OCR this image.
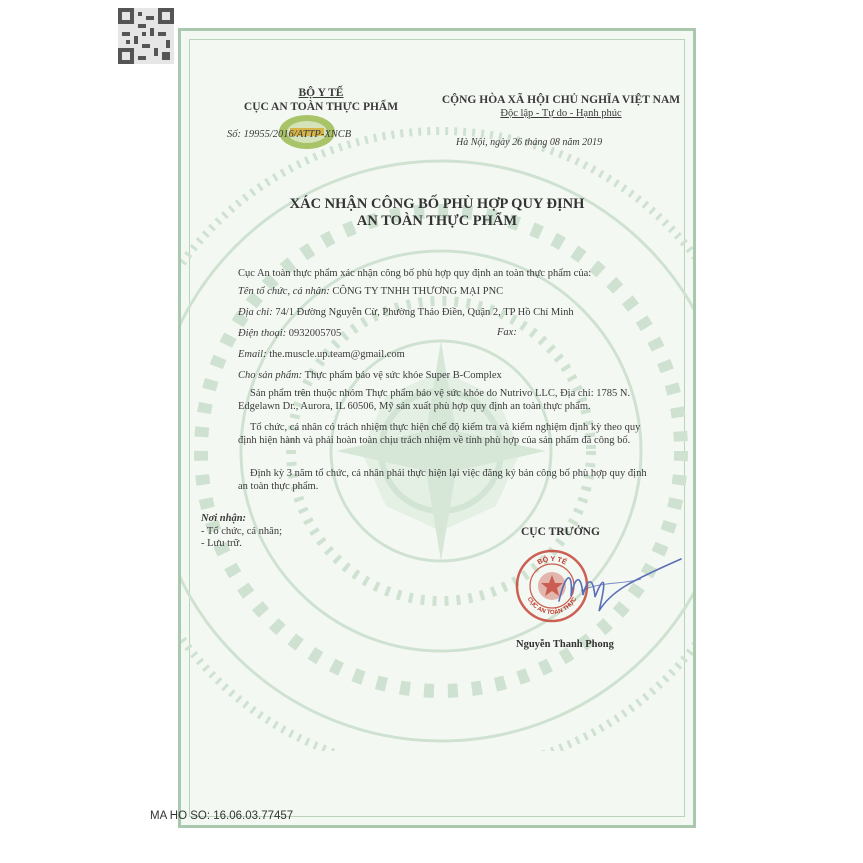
BỘ Y TẾ
CỤC AN TOÀN THỰC PHẨM
Số: 19955/2016/ATTP-XNCB
CỘNG HÒA XÃ HỘI CHỦ NGHĨA VIỆT NAM
Độc lập - Tự do - Hạnh phúc
Hà Nội, ngày 26 tháng 08 năm 2019
XÁC NHẬN CÔNG BỐ PHÙ HỢP QUY ĐỊNH
AN TOÀN THỰC PHẨM
Cục An toàn thực phẩm xác nhận công bố phù hợp quy định an toàn thực phẩm của:
Tên tổ chức, cá nhân: CÔNG TY TNHH THƯƠNG MẠI PNC
Địa chỉ: 74/1 Đường Nguyễn Cừ, Phường Thảo Điền, Quận 2, TP Hồ Chí Minh
Điện thoại: 0932005705	Fax:
Email: the.muscle.up.team@gmail.com
Cho sản phẩm: Thực phẩm bảo vệ sức khỏe Super B-Complex
Sản phẩm trên thuộc nhóm Thực phẩm bảo vệ sức khỏe do Nutrivo LLC, Địa chỉ: 1785 N. Edgelawn Dr., Aurora, IL 60506, Mỹ sản xuất phù hợp quy định an toàn thực phẩm.
Tổ chức, cá nhân có trách nhiệm thực hiện chế độ kiểm tra và kiểm nghiệm định kỳ theo quy định hiện hành và phải hoàn toàn chịu trách nhiệm về tính phù hợp của sản phẩm đã công bố.
Định kỳ 3 năm tổ chức, cá nhân phải thực hiện lại việc đăng ký bản công bố phù hợp quy định an toàn thực phẩm.
Nơi nhận:
- Tổ chức, cá nhân;
- Lưu trữ.
CỤC TRƯỞNG
BỘ Y TẾ
CỤC AN TOÀN THỰC
Nguyễn Thanh Phong
MA HO SO: 16.06.03.77457
